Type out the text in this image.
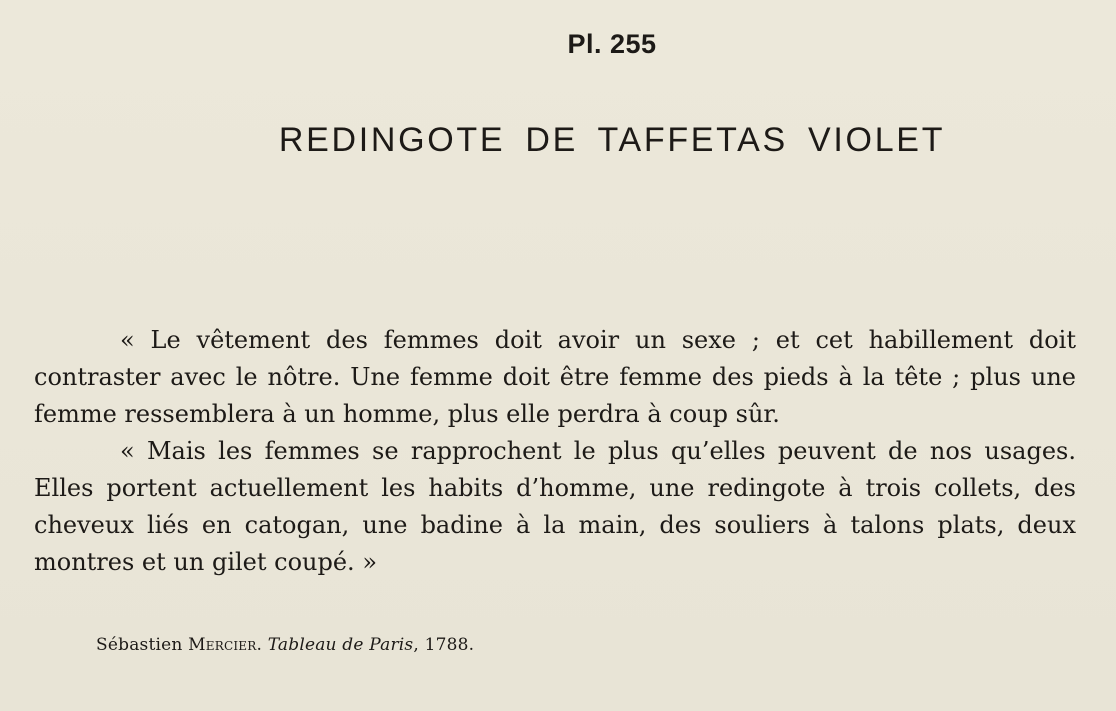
Pl. 255
REDINGOTE DE TAFFETAS VIOLET

« Le vêtement des femmes doit avoir un sexe ; et cet habillement doit contraster avec le nôtre. Une femme doit être femme des pieds à la tête ; plus une femme ressemblera à un homme, plus elle perdra à coup sûr.

« Mais les femmes se rapprochent le plus qu’elles peuvent de nos usages. Elles portent actuellement les habits d’homme, une redingote à trois collets, des cheveux liés en catogan, une badine à la main, des souliers à talons plats, deux montres et un gilet coupé. »

Sébastien Mercier. Tableau de Paris, 1788.
